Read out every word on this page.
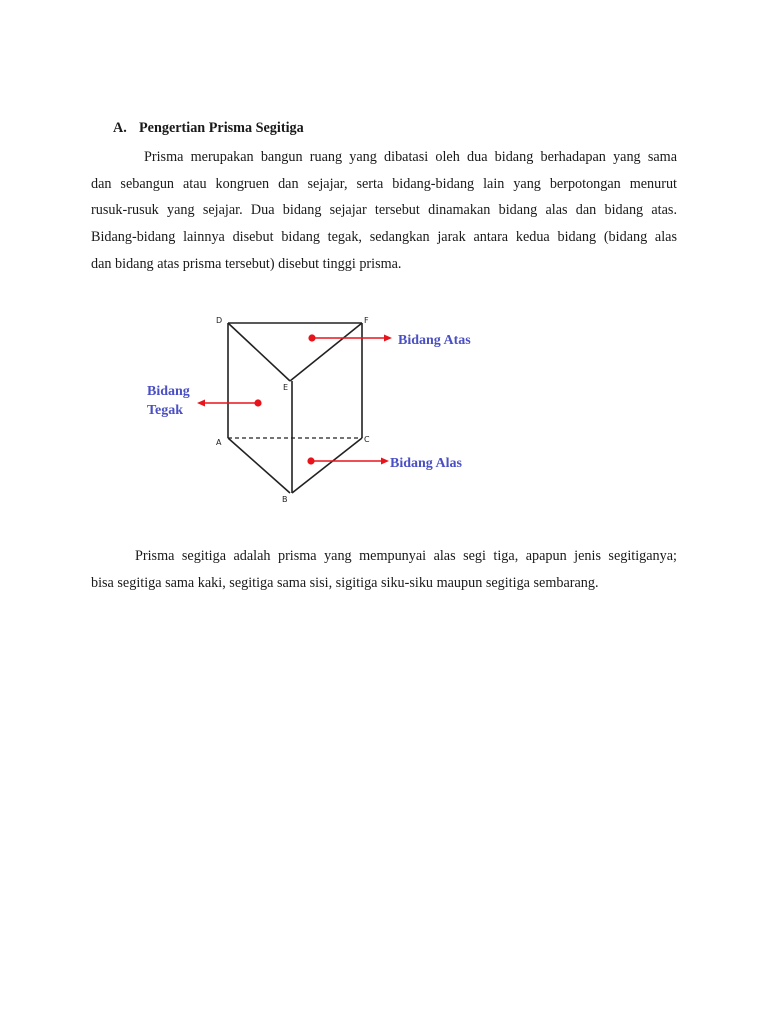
A. Pengertian Prisma Segitiga
Prisma merupakan bangun ruang yang dibatasi oleh dua bidang berhadapan yang sama
dan sebangun atau kongruen dan sejajar, serta bidang-bidang lain yang berpotongan menurut
rusuk-rusuk yang sejajar. Dua bidang sejajar tersebut dinamakan bidang alas dan bidang atas.
Bidang-bidang lainnya disebut bidang tegak, sedangkan jarak antara kedua bidang (bidang alas
dan bidang atas prisma tersebut) disebut tinggi prisma.
D	F
E
A	C
B
Bidang Atas
Bidang
Tegak
Bidang Alas
Prisma segitiga adalah prisma yang mempunyai alas segi tiga, apapun jenis segitiganya;
bisa segitiga sama kaki, segitiga sama sisi, sigitiga siku-siku maupun segitiga sembarang.
